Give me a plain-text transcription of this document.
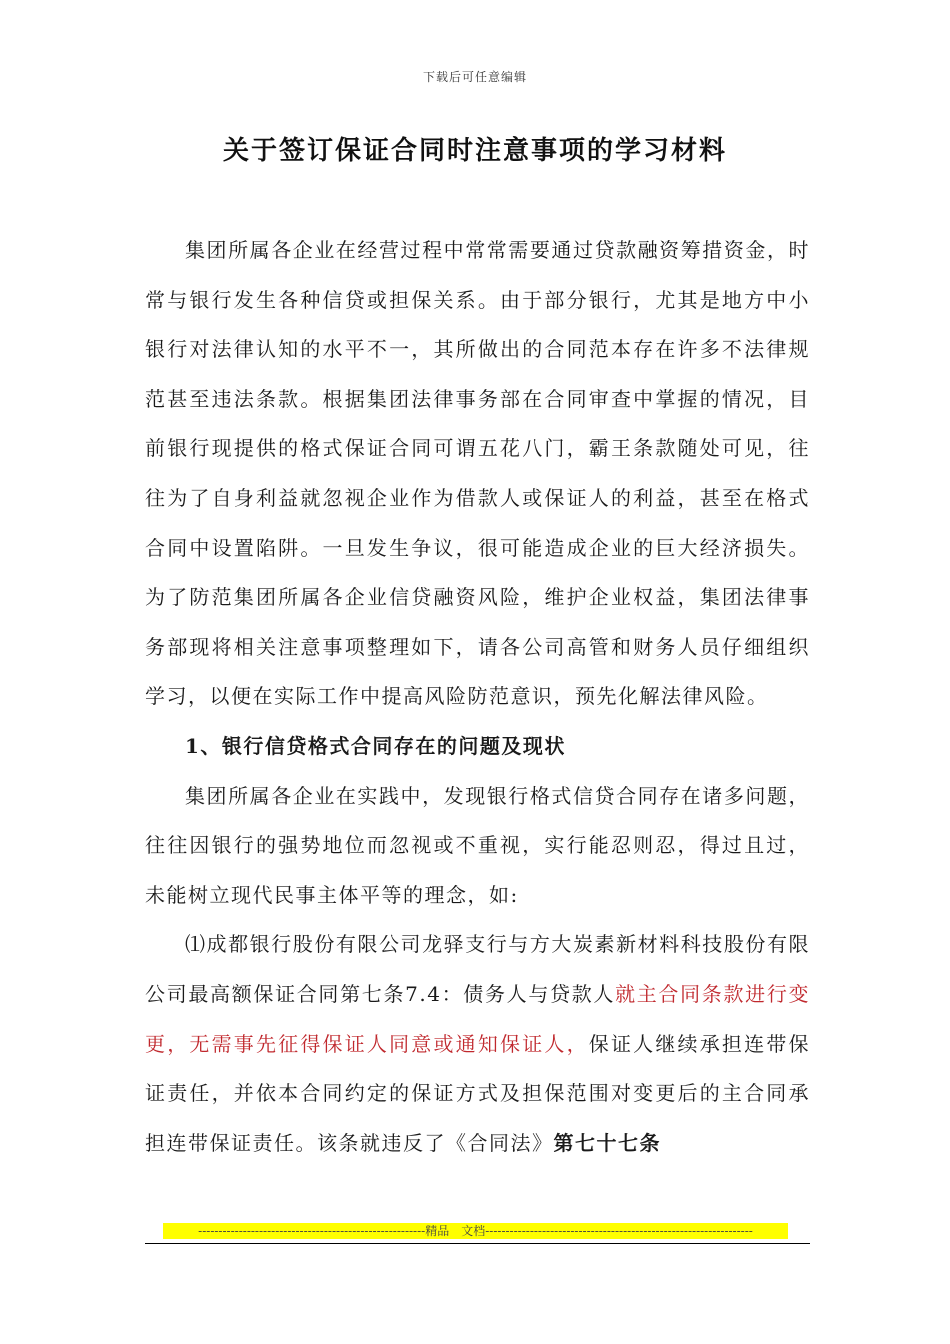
下载后可任意编辑
关于签订保证合同时注意事项的学习材料

集团所属各企业在经营过程中常常需要通过贷款融资筹措资金，时常与银行发生各种信贷或担保关系。由于部分银行，尤其是地方中小银行对法律认知的水平不一，其所做出的合同范本存在许多不法律规范甚至违法条款。根据集团法律事务部在合同审查中掌握的情况，目前银行现提供的格式保证合同可谓五花八门，霸王条款随处可见，往往为了自身利益就忽视企业作为借款人或保证人的利益，甚至在格式合同中设置陷阱。一旦发生争议，很可能造成企业的巨大经济损失。为了防范集团所属各企业信贷融资风险，维护企业权益，集团法律事务部现将相关注意事项整理如下，请各公司高管和财务人员仔细组织学习，以便在实际工作中提高风险防范意识，预先化解法律风险。

1、银行信贷格式合同存在的问题及现状

集团所属各企业在实践中，发现银行格式信贷合同存在诸多问题，往往因银行的强势地位而忽视或不重视，实行能忍则忍，得过且过，未能树立现代民事主体平等的理念，如:

⑴成都银行股份有限公司龙驿支行与方大炭素新材料科技股份有限公司最高额保证合同第七条7.4：债务人与贷款人就主合同条款进行变更，无需事先征得保证人同意或通知保证人，保证人继续承担连带保证责任，并依本合同约定的保证方式及担保范围对变更后的主合同承担连带保证责任。该条就违反了《合同法》第七十七条

--------------------------------------------------------精品　文档------------------------------------------------------------------
